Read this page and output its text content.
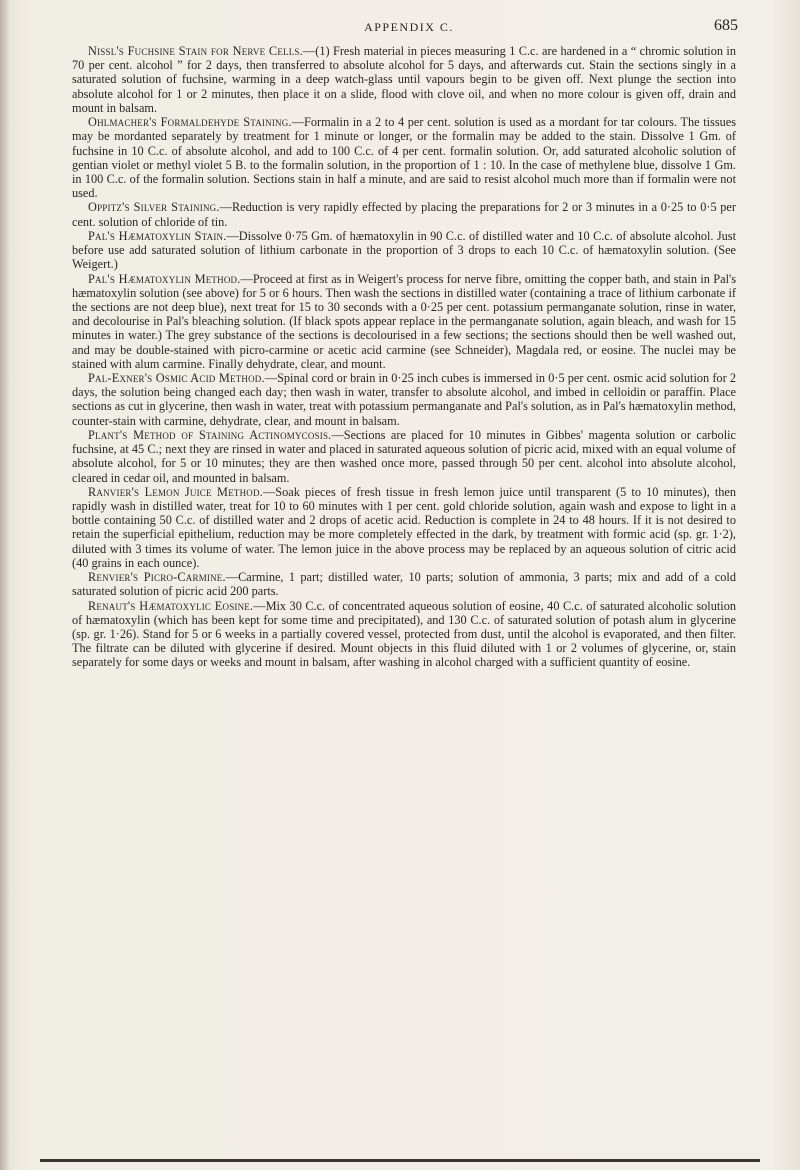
APPENDIX C.	685

Nissl's Fuchsine Stain for Nerve Cells.—(1) Fresh material in pieces measuring 1 C.c. are hardened in a “ chromic solution in 70 per cent. alcohol ” for 2 days, then transferred to absolute alcohol for 5 days, and afterwards cut. Stain the sections singly in a saturated solution of fuchsine, warming in a deep watch-glass until vapours begin to be given off. Next plunge the section into absolute alcohol for 1 or 2 minutes, then place it on a slide, flood with clove oil, and when no more colour is given off, drain and mount in balsam.

Ohlmacher's Formaldehyde Staining.—Formalin in a 2 to 4 per cent. solution is used as a mordant for tar colours. The tissues may be mordanted separately by treatment for 1 minute or longer, or the formalin may be added to the stain. Dissolve 1 Gm. of fuchsine in 10 C.c. of absolute alcohol, and add to 100 C.c. of 4 per cent. formalin solution. Or, add saturated alcoholic solution of gentian violet or methyl violet 5 B. to the formalin solution, in the proportion of 1 : 10. In the case of methylene blue, dissolve 1 Gm. in 100 C.c. of the formalin solution. Sections stain in half a minute, and are said to resist alcohol much more than if formalin were not used.

Oppitz's Silver Staining.—Reduction is very rapidly effected by placing the preparations for 2 or 3 minutes in a 0·25 to 0·5 per cent. solution of chloride of tin.

Pal's Hæmatoxylin Stain.—Dissolve 0·75 Gm. of hæmatoxylin in 90 C.c. of distilled water and 10 C.c. of absolute alcohol. Just before use add saturated solution of lithium carbonate in the proportion of 3 drops to each 10 C.c. of hæmatoxylin solution. (See Weigert.)

Pal's Hæmatoxylin Method.—Proceed at first as in Weigert's process for nerve fibre, omitting the copper bath, and stain in Pal's hæmatoxylin solution (see above) for 5 or 6 hours. Then wash the sections in distilled water (containing a trace of lithium carbonate if the sections are not deep blue), next treat for 15 to 30 seconds with a 0·25 per cent. potassium permanganate solution, rinse in water, and decolourise in Pal's bleaching solution. (If black spots appear replace in the permanganate solution, again bleach, and wash for 15 minutes in water.) The grey substance of the sections is decolourised in a few sections; the sections should then be well washed out, and may be double-stained with picro-carmine or acetic acid carmine (see Schneider), Magdala red, or eosine. The nuclei may be stained with alum carmine. Finally dehydrate, clear, and mount.

Pal-Exner's Osmic Acid Method.—Spinal cord or brain in 0·25 inch cubes is immersed in 0·5 per cent. osmic acid solution for 2 days, the solution being changed each day; then wash in water, transfer to absolute alcohol, and imbed in celloidin or paraffin. Place sections as cut in glycerine, then wash in water, treat with potassium permanganate and Pal's solution, as in Pal's hæmatoxylin method, counter-stain with carmine, dehydrate, clear, and mount in balsam.

Plant's Method of Staining Actinomycosis.—Sections are placed for 10 minutes in Gibbes' magenta solution or carbolic fuchsine, at 45 C.; next they are rinsed in water and placed in saturated aqueous solution of picric acid, mixed with an equal volume of absolute alcohol, for 5 or 10 minutes; they are then washed once more, passed through 50 per cent. alcohol into absolute alcohol, cleared in cedar oil, and mounted in balsam.

Ranvier's Lemon Juice Method.—Soak pieces of fresh tissue in fresh lemon juice until transparent (5 to 10 minutes), then rapidly wash in distilled water, treat for 10 to 60 minutes with 1 per cent. gold chloride solution, again wash and expose to light in a bottle containing 50 C.c. of distilled water and 2 drops of acetic acid. Reduction is complete in 24 to 48 hours. If it is not desired to retain the superficial epithelium, reduction may be more completely effected in the dark, by treatment with formic acid (sp. gr. 1·2), diluted with 3 times its volume of water. The lemon juice in the above process may be replaced by an aqueous solution of citric acid (40 grains in each ounce).

Renvier's Picro-Carmine.—Carmine, 1 part; distilled water, 10 parts; solution of ammonia, 3 parts; mix and add of a cold saturated solution of picric acid 200 parts.

Renaut's Hæmatoxylic Eosine.—Mix 30 C.c. of concentrated aqueous solution of eosine, 40 C.c. of saturated alcoholic solution of hæmatoxylin (which has been kept for some time and precipitated), and 130 C.c. of saturated solution of potash alum in glycerine (sp. gr. 1·26). Stand for 5 or 6 weeks in a partially covered vessel, protected from dust, until the alcohol is evaporated, and then filter. The filtrate can be diluted with glycerine if desired. Mount objects in this fluid diluted with 1 or 2 volumes of glycerine, or, stain separately for some days or weeks and mount in balsam, after washing in alcohol charged with a sufficient quantity of eosine.
